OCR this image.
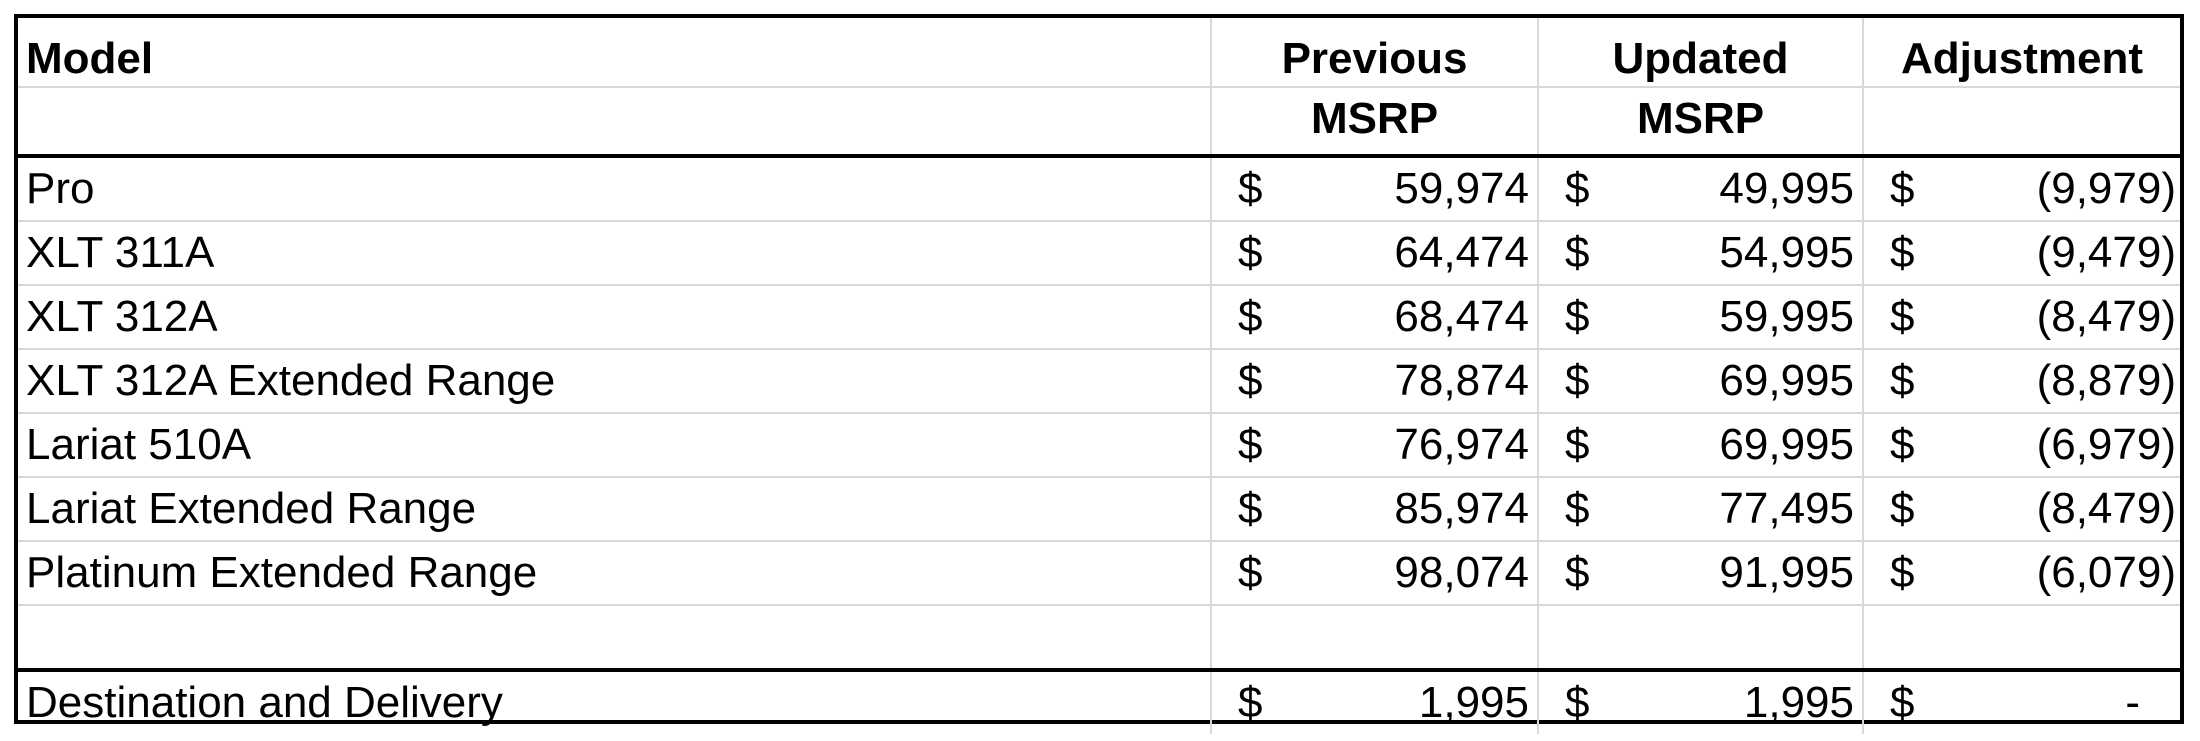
Model	Previous	Updated	Adjustment
	MSRP	MSRP	
Pro	$ 59,974	$ 49,995	$ (9,979)

XLT 311A	$ 64,474	$ 54,995	$ (9,479)

XLT 312A	$ 68,474	$ 59,995	$ (8,479)

XLT 312A Extended Range	$ 78,874	$ 69,995	$ (8,879)

Lariat 510A	$ 76,974	$ 69,995	$ (6,979)

Lariat Extended Range	$ 85,974	$ 77,495	$ (8,479)

Platinum Extended Range	$ 98,074	$ 91,995	$ (6,079)

Destination and Delivery	$ 1,995	$ 1,995	$ -
